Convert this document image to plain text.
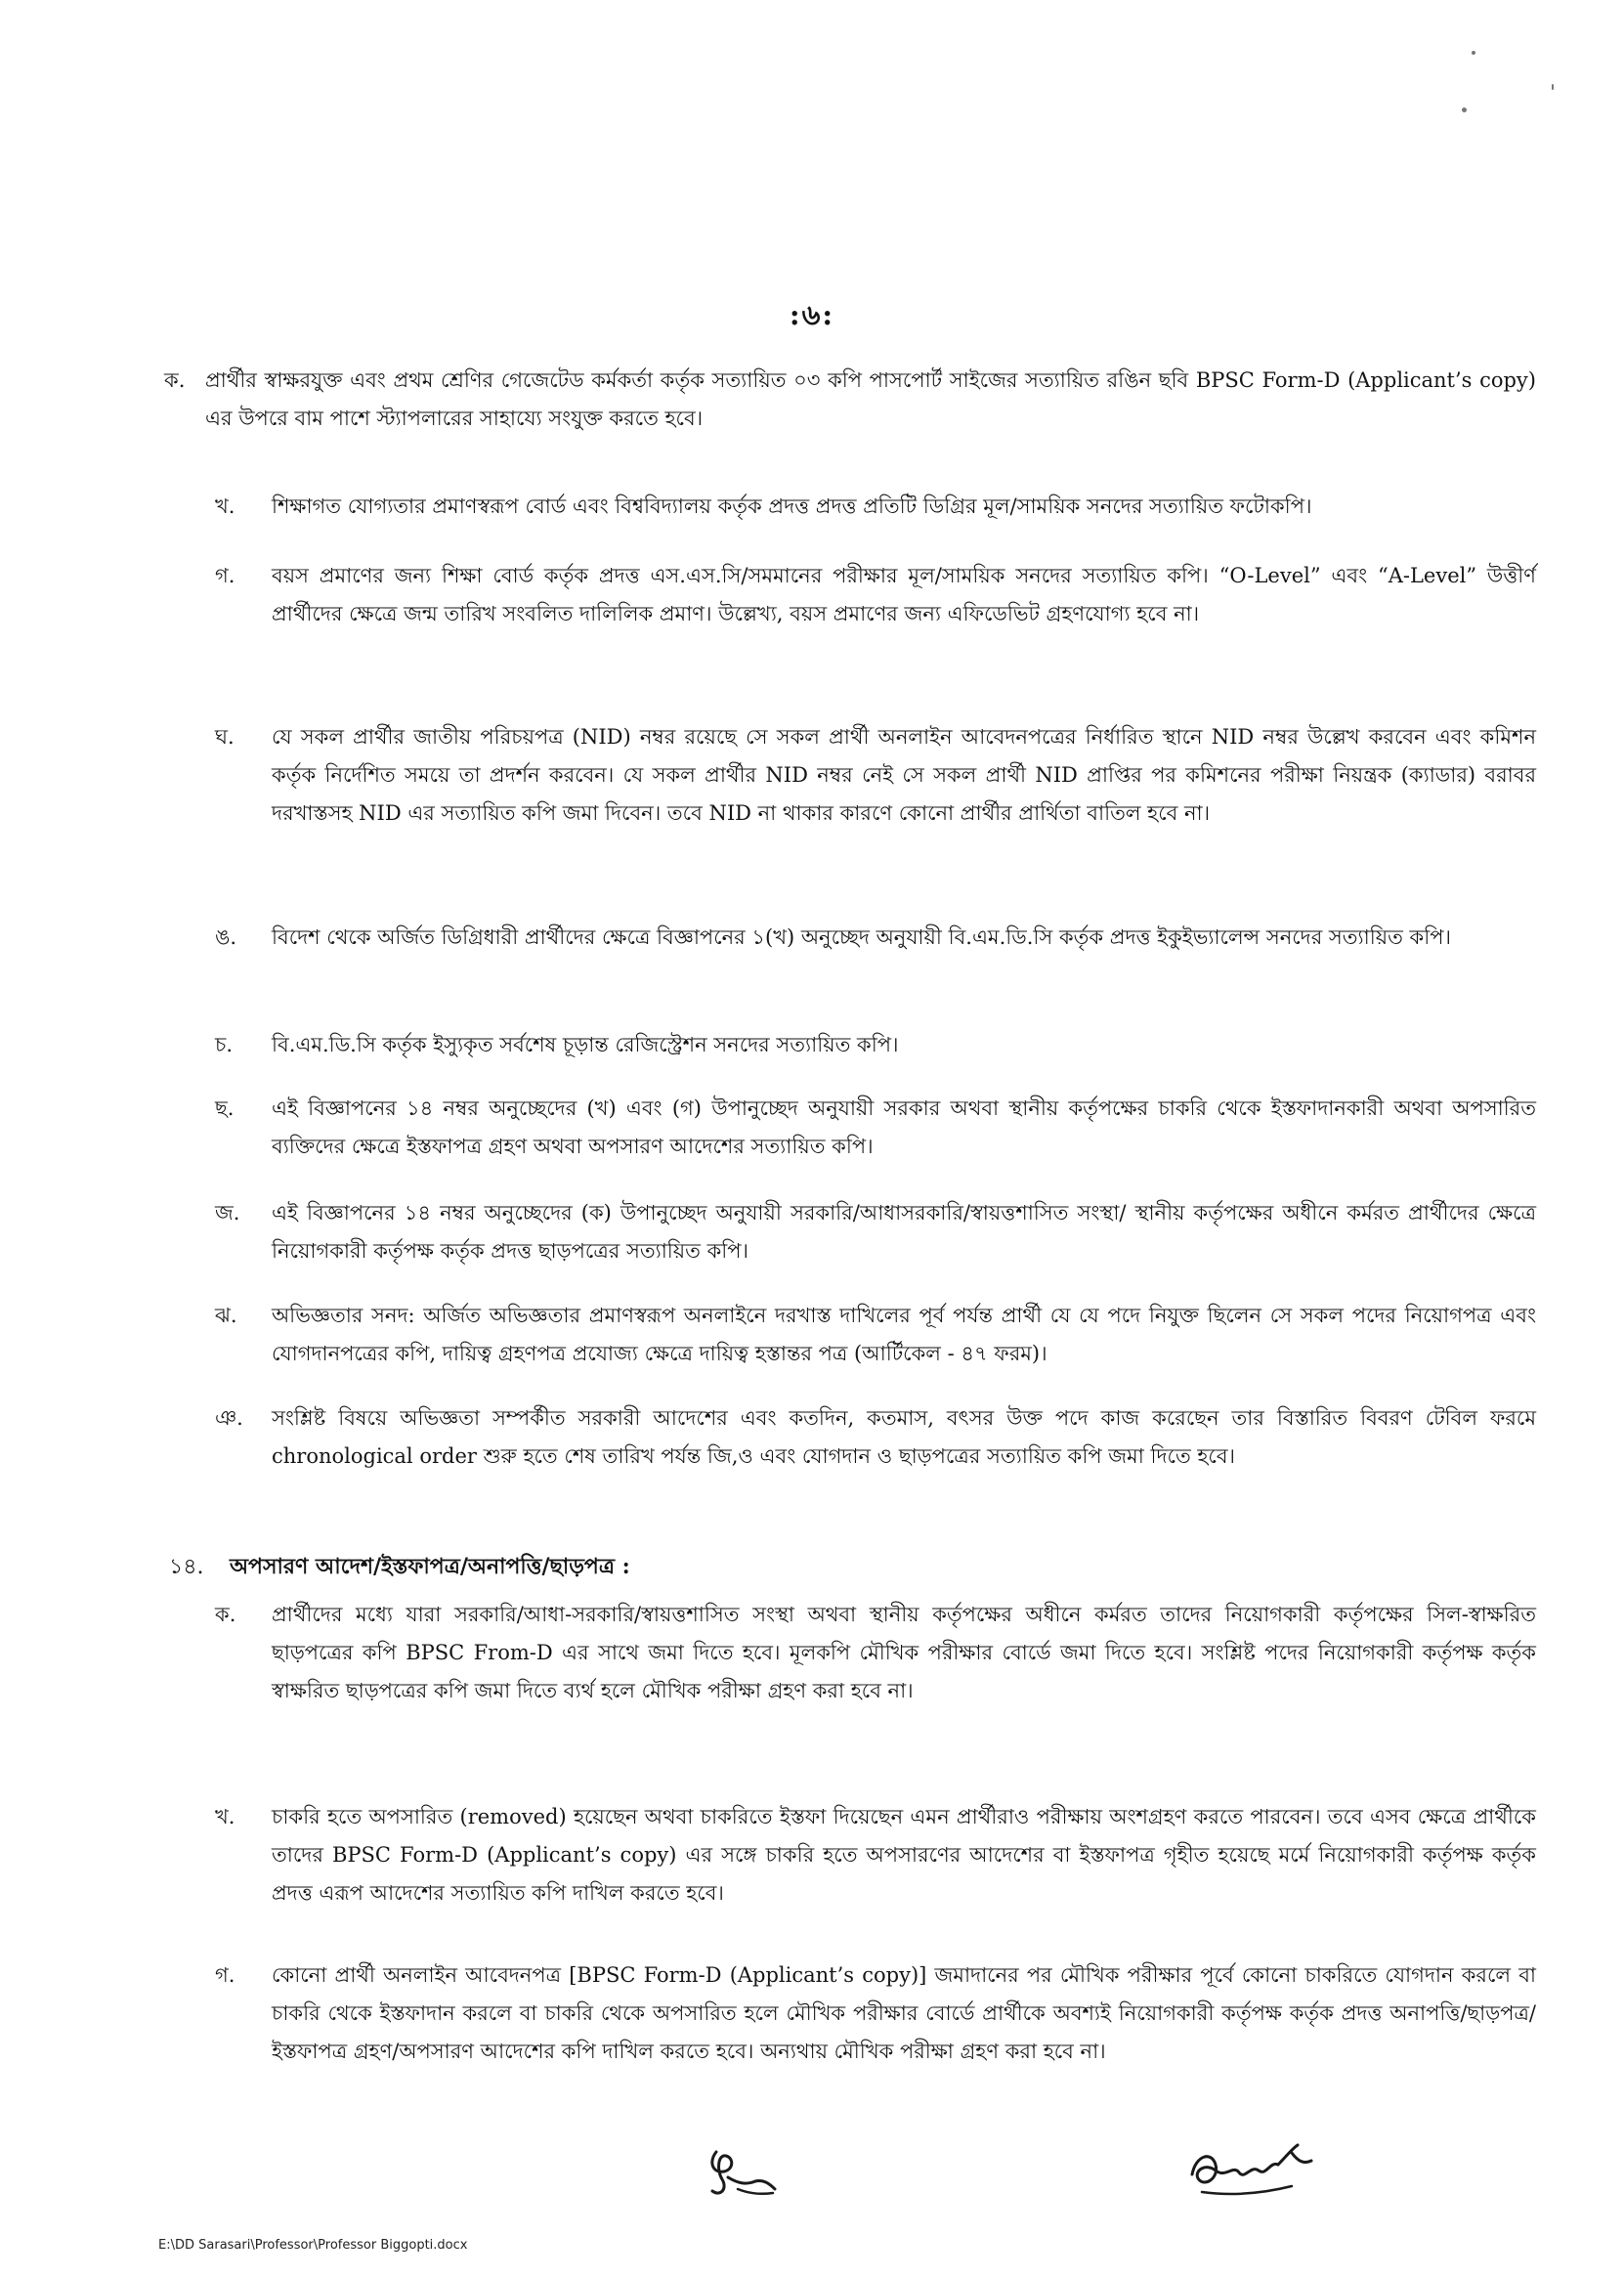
:৬:
ক. প্রার্থীর স্বাক্ষরযুক্ত এবং প্রথম শ্রেণির গেজেটেড কর্মকর্তা কর্তৃক সত্যায়িত ০৩ কপি পাসপোর্ট সাইজের সত্যায়িত রঙিন ছবি BPSC Form-D (Applicant’s copy) এর উপরে বাম পাশে স্ট্যাপলারের সাহায্যে সংযুক্ত করতে হবে।
খ. শিক্ষাগত যোগ্যতার প্রমাণস্বরূপ বোর্ড এবং বিশ্ববিদ্যালয় কর্তৃক প্রদত্ত প্রদত্ত প্রতিটি ডিগ্রির মূল/সাময়িক সনদের সত্যায়িত ফটোকপি।
গ. বয়স প্রমাণের জন্য শিক্ষা বোর্ড কর্তৃক প্রদত্ত এস.এস.সি/সমমানের পরীক্ষার মূল/সাময়িক সনদের সত্যায়িত কপি। “O-Level” এবং “A-Level” উত্তীর্ণ প্রার্থীদের ক্ষেত্রে জন্ম তারিখ সংবলিত দালিলিক প্রমাণ। উল্লেখ্য, বয়স প্রমাণের জন্য এফিডেভিট গ্রহণযোগ্য হবে না।
ঘ. যে সকল প্রার্থীর জাতীয় পরিচয়পত্র (NID) নম্বর রয়েছে সে সকল প্রার্থী অনলাইন আবেদনপত্রের নির্ধারিত স্থানে NID নম্বর উল্লেখ করবেন এবং কমিশন কর্তৃক নির্দেশিত সময়ে তা প্রদর্শন করবেন। যে সকল প্রার্থীর NID নম্বর নেই সে সকল প্রার্থী NID প্রাপ্তির পর কমিশনের পরীক্ষা নিয়ন্ত্রক (ক্যাডার) বরাবর দরখাস্তসহ NID এর সত্যায়িত কপি জমা দিবেন। তবে NID না থাকার কারণে কোনো প্রার্থীর প্রার্থিতা বাতিল হবে না।
ঙ. বিদেশ থেকে অর্জিত ডিগ্রিধারী প্রার্থীদের ক্ষেত্রে বিজ্ঞাপনের ১(খ) অনুচ্ছেদ অনুযায়ী বি.এম.ডি.সি কর্তৃক প্রদত্ত ইকুইভ্যালেন্স সনদের সত্যায়িত কপি।
চ. বি.এম.ডি.সি কর্তৃক ইস্যুকৃত সর্বশেষ চূড়ান্ত রেজিস্ট্রেশন সনদের সত্যায়িত কপি।
ছ. এই বিজ্ঞাপনের ১৪ নম্বর অনুচ্ছেদের (খ) এবং (গ) উপানুচ্ছেদ অনুযায়ী সরকার অথবা স্থানীয় কর্তৃপক্ষের চাকরি থেকে ইস্তফাদানকারী অথবা অপসারিত ব্যক্তিদের ক্ষেত্রে ইস্তফাপত্র গ্রহণ অথবা অপসারণ আদেশের সত্যায়িত কপি।
জ. এই বিজ্ঞাপনের ১৪ নম্বর অনুচ্ছেদের (ক) উপানুচ্ছেদ অনুযায়ী সরকারি/আধাসরকারি/স্বায়ত্তশাসিত সংস্থা/ স্থানীয় কর্তৃপক্ষের অধীনে কর্মরত প্রার্থীদের ক্ষেত্রে নিয়োগকারী কর্তৃপক্ষ কর্তৃক প্রদত্ত ছাড়পত্রের সত্যায়িত কপি।
ঝ. অভিজ্ঞতার সনদ: অর্জিত অভিজ্ঞতার প্রমাণস্বরূপ অনলাইনে দরখাস্ত দাখিলের পূর্ব পর্যন্ত প্রার্থী যে যে পদে নিযুক্ত ছিলেন সে সকল পদের নিয়োগপত্র এবং যোগদানপত্রের কপি, দায়িত্ব গ্রহণপত্র প্রযোজ্য ক্ষেত্রে দায়িত্ব হস্তান্তর পত্র (আর্টিকেল - ৪৭ ফরম)।
ঞ. সংশ্লিষ্ট বিষয়ে অভিজ্ঞতা সম্পর্কীত সরকারী আদেশের এবং কতদিন, কতমাস, বৎসর উক্ত পদে কাজ করেছেন তার বিস্তারিত বিবরণ টেবিল ফরমে chronological order শুরু হতে শেষ তারিখ পর্যন্ত জি,ও এবং যোগদান ও ছাড়পত্রের সত্যায়িত কপি জমা দিতে হবে।
১৪. অপসারণ আদেশ/ইস্তফাপত্র/অনাপত্তি/ছাড়পত্র :
ক. প্রার্থীদের মধ্যে যারা সরকারি/আধা-সরকারি/স্বায়ত্তশাসিত সংস্থা অথবা স্থানীয় কর্তৃপক্ষের অধীনে কর্মরত তাদের নিয়োগকারী কর্তৃপক্ষের সিল-স্বাক্ষরিত ছাড়পত্রের কপি BPSC From-D এর সাথে জমা দিতে হবে। মূলকপি মৌখিক পরীক্ষার বোর্ডে জমা দিতে হবে। সংশ্লিষ্ট পদের নিয়োগকারী কর্তৃপক্ষ কর্তৃক স্বাক্ষরিত ছাড়পত্রের কপি জমা দিতে ব্যর্থ হলে মৌখিক পরীক্ষা গ্রহণ করা হবে না।
খ. চাকরি হতে অপসারিত (removed) হয়েছেন অথবা চাকরিতে ইস্তফা দিয়েছেন এমন প্রার্থীরাও পরীক্ষায় অংশগ্রহণ করতে পারবেন। তবে এসব ক্ষেত্রে প্রার্থীকে তাদের BPSC Form-D (Applicant’s copy) এর সঙ্গে চাকরি হতে অপসারণের আদেশের বা ইস্তফাপত্র গৃহীত হয়েছে মর্মে নিয়োগকারী কর্তৃপক্ষ কর্তৃক প্রদত্ত এরূপ আদেশের সত্যায়িত কপি দাখিল করতে হবে।
গ. কোনো প্রার্থী অনলাইন আবেদনপত্র [BPSC Form-D (Applicant’s copy)] জমাদানের পর মৌখিক পরীক্ষার পূর্বে কোনো চাকরিতে যোগদান করলে বা চাকরি থেকে ইস্তফাদান করলে বা চাকরি থেকে অপসারিত হলে মৌখিক পরীক্ষার বোর্ডে প্রার্থীকে অবশ্যই নিয়োগকারী কর্তৃপক্ষ কর্তৃক প্রদত্ত অনাপত্তি/ছাড়পত্র/ইস্তফাপত্র গ্রহণ/অপসারণ আদেশের কপি দাখিল করতে হবে। অন্যথায় মৌখিক পরীক্ষা গ্রহণ করা হবে না।
E:\DD Sarasari\Professor\Professor Biggopti.docx
